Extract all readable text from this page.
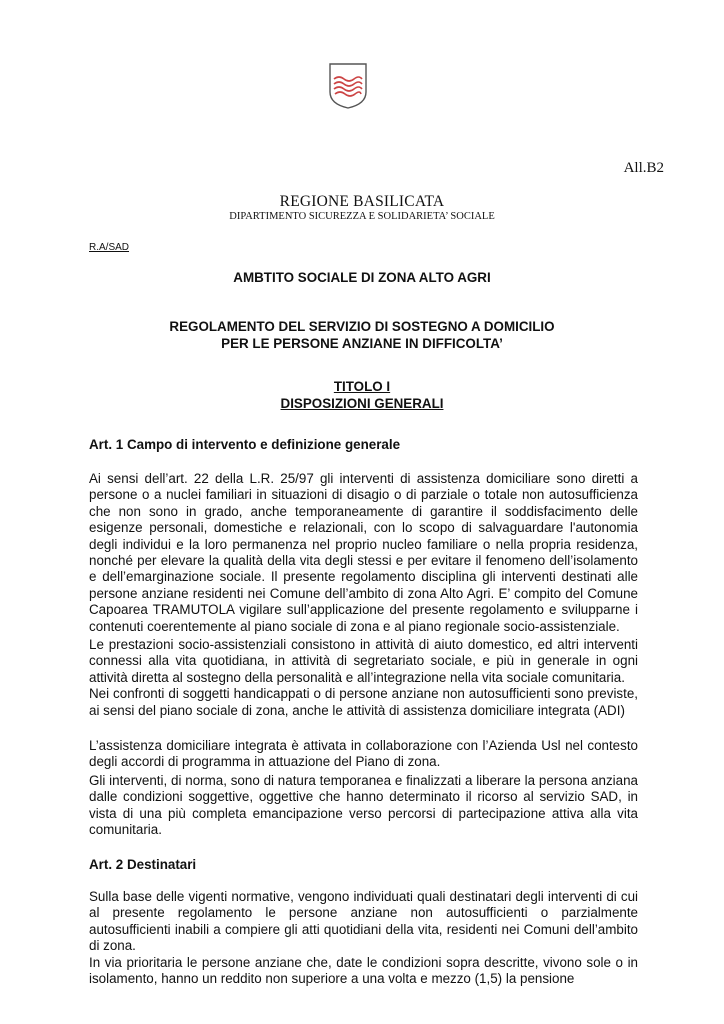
All.B2
REGIONE BASILICATA
DIPARTIMENTO SICUREZZA E SOLIDARIETA’ SOCIALE
R.A/SAD
AMBTITO SOCIALE DI ZONA ALTO AGRI
REGOLAMENTO DEL SERVIZIO DI SOSTEGNO A DOMICILIO
PER LE PERSONE ANZIANE IN DIFFICOLTA’
TITOLO I
DISPOSIZIONI GENERALI
Art. 1 Campo di intervento e definizione generale

Ai sensi dell’art. 22 della L.R. 25/97 gli interventi di assistenza domiciliare sono diretti a persone o a nuclei familiari in situazioni di disagio o di parziale o totale non autosufficienza che non sono in grado, anche temporaneamente di garantire il soddisfacimento delle esigenze personali, domestiche e relazionali, con lo scopo di salvaguardare l'autonomia degli individui e la loro permanenza nel proprio nucleo familiare o nella propria residenza, nonché per elevare la qualità della vita degli stessi e per evitare il fenomeno dell’isolamento e dell’emarginazione sociale. Il presente regolamento disciplina gli interventi destinati alle persone anziane residenti nei Comune dell’ambito di zona Alto Agri. E’ compito del Comune Capoarea TRAMUTOLA vigilare sull’applicazione del presente regolamento e svilupparne i contenuti coerentemente al piano sociale di zona e al piano regionale socio-assistenziale.

Le prestazioni socio-assistenziali consistono in attività di aiuto domestico, ed altri interventi connessi alla vita quotidiana, in attività di segretariato sociale, e più in generale in ogni attività diretta al sostegno della personalità e all’integrazione nella vita sociale comunitaria.

Nei confronti di soggetti handicappati o di persone anziane non autosufficienti sono previste, ai sensi del piano sociale di zona, anche le attività di assistenza domiciliare integrata (ADI)

L’assistenza domiciliare integrata è attivata in collaborazione con l’Azienda Usl nel contesto degli accordi di programma in attuazione del Piano di zona.

Gli interventi, di norma, sono di natura temporanea e finalizzati a liberare la persona anziana dalle condizioni soggettive, oggettive che hanno determinato il ricorso al servizio SAD, in vista di una più completa emancipazione verso percorsi di partecipazione attiva alla vita comunitaria.

Art. 2 Destinatari

Sulla base delle vigenti normative, vengono individuati quali destinatari degli interventi di cui al presente regolamento le persone anziane non autosufficienti o parzialmente autosufficienti inabili a compiere gli atti quotidiani della vita, residenti nei Comuni dell’ambito di zona.

In via prioritaria le persone anziane che, date le condizioni sopra descritte, vivono sole o in isolamento, hanno un reddito non superiore a una volta e mezzo (1,5) la pensione
